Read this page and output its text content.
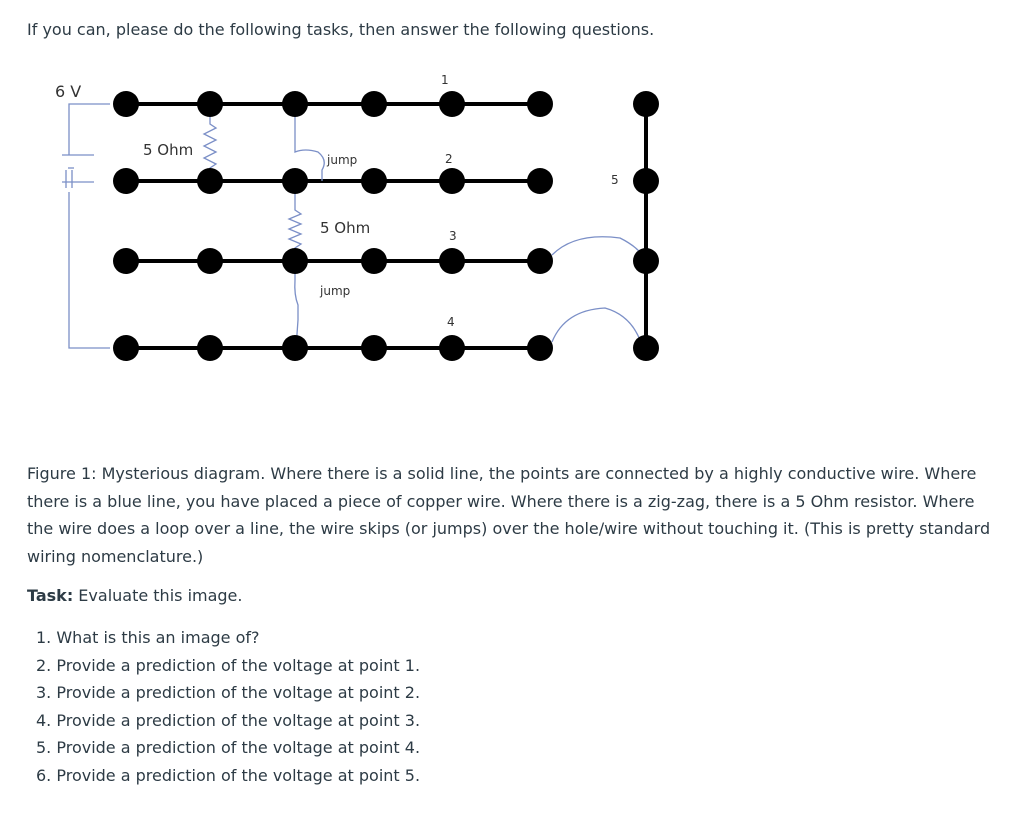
If you can, please do the following tasks, then answer the following questions.

6 V
5 Ohm
5 Ohm
jump
jump
1
2
3
4
5

Figure 1: Mysterious diagram. Where there is a solid line, the points are connected by a highly conductive wire. Where there is a blue line, you have placed a piece of copper wire. Where there is a zig-zag, there is a 5 Ohm resistor. Where the wire does a loop over a line, the wire skips (or jumps) over the hole/wire without touching it. (This is pretty standard wiring nomenclature.)

Task: Evaluate this image.

1. What is this an image of?
2. Provide a prediction of the voltage at point 1.
3. Provide a prediction of the voltage at point 2.
4. Provide a prediction of the voltage at point 3.
5. Provide a prediction of the voltage at point 4.
6. Provide a prediction of the voltage at point 5.
